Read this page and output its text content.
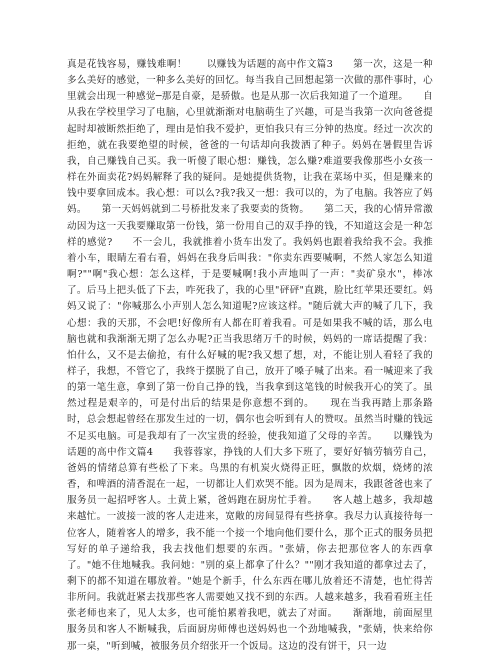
真是花钱容易，赚钱难啊！　　以赚钱为话题的高中作文篇3　　第一次，这是一种多么美好的感觉，一种多么美好的回忆。每当我自己回想起第一次做的那件事时，心里就会出现一种感觉─那是自豪，是骄傲。也是从那一次后我知道了一个道理。　　自从我在学校里学习了电脑，心里就渐渐对电脑萌生了兴趣，可是当我第一次向爸爸提起时却被断然拒绝了，理由是怕我不爱护，更怕我只有三分钟的热度。经过一次次的拒绝，就在我要绝望的时候，爸爸的一句话却向我拨洒了种子。妈妈在暑假里告诉我，自己赚钱自己买。我一听傻了眼心想：赚钱，怎么赚?难道要我像那些小女孩一样在外面卖花?妈妈解释了我的疑问。是她提供货物，让我在菜场中买，但是赚来的钱中要拿回成本。我心想：可以么?我?我又一想：我可以的，为了电脑。我答应了妈妈。　　第一天妈妈就到二号桥批发来了我要卖的货物。　　第二天，我的心情异常激动因为这一天我要赚取第一份钱，第一份用自己的双手挣的钱，不知道这会是一种怎样的感觉?　　不一会儿，我就推着小货车出发了。我妈妈也跟着我给我不会。我推着小车，眼睛左看右看，妈妈在我身后叫我："你卖东西要喊啊，不然人家怎么知道啊?""啊"我心想：怎么这样，于是要喊啊!我小声地叫了一声："卖矿泉水"，棒冰了。后马上把头低了下去，咋死我了，我的心里"砰砰"直跳，脸比红苹果还要红。妈妈又说了："你喊那么小声别人怎么知道呢?应该这样。"随后就大声的喊了几下，我心想：我的天那，不会吧!好像所有人都在盯着我看。可是如果我不喊的话，那么电脑也就和我渐渐无期了怎么办呢?正当我思绪万千的时候，妈妈的一席话提醒了我：怕什么，又不是去偷抢，有什么好喊的呢?我又想了想，对，不能让别人看轻了我的样子，我想，不管它了，我终于摆脱了自己，放开了嗓子喊了出来。看一喊迎来了我的第一笔生意，拿到了第一份自己挣的钱，当我拿到这笔钱的时候我开心的笑了。虽然过程是艰辛的，可是付出后的结果是你意想不到的。　　现在当我再踏上那条路时，总会想起曾经在那发生过的一切，偶尔也会听到有人的赞叹。虽然当时赚的钱远不足买电脑。可是我却有了一次宝贵的经验，使我知道了父母的辛苦。　　以赚钱为话题的高中作文篇4　　我蓉蓉家，挣钱的人们大多下班了，要好好犒劳犒劳自己，爸妈的情绪总算有些松了下来。鸟黑的有机炭火烧得正旺，飘散的炊烟，烧烤的浓香，和啤酒的清香混在一起，一切都让人们欢哭不能。因为是周末，我跟爸爸也来了服务员一起招呼客人。土黄上紧，爸妈跑在厨房忙手着。　　客人越上越多，我却越来越忙。一波接一波的客人走进来，宽敞的房间显得有些挤拿。我尽力认真接待每一位客人，随着客人的增多，我不能一个接一个地向他们要什么，那个正式的服务员把写好的单子递给我，我去找他们想要的东西。"张婧，你去把那位客人的东西拿了。"她不住地喊我。我问她："别的桌上都拿了什么？""刚才我知道的都拿过去了，剩下的都不知道在哪放着。"她是个新手，什么东西在哪儿放着还不清楚，也忙得苦非所问。我就赶紧去找那些客人需要她又找不到的东西。人越来越多，我看看班主任张老师也来了，见人太多，也可能怕累着我吧，就去了对面。　　渐渐地，前面屋里服务员和客人不断喊我，后面厨房师傅也送妈妈也一个劲地喊我，"张婧，快来给你那一桌，"听到喊，被服务员介绍张开一个饭局。这边的没有饼干，只一边
